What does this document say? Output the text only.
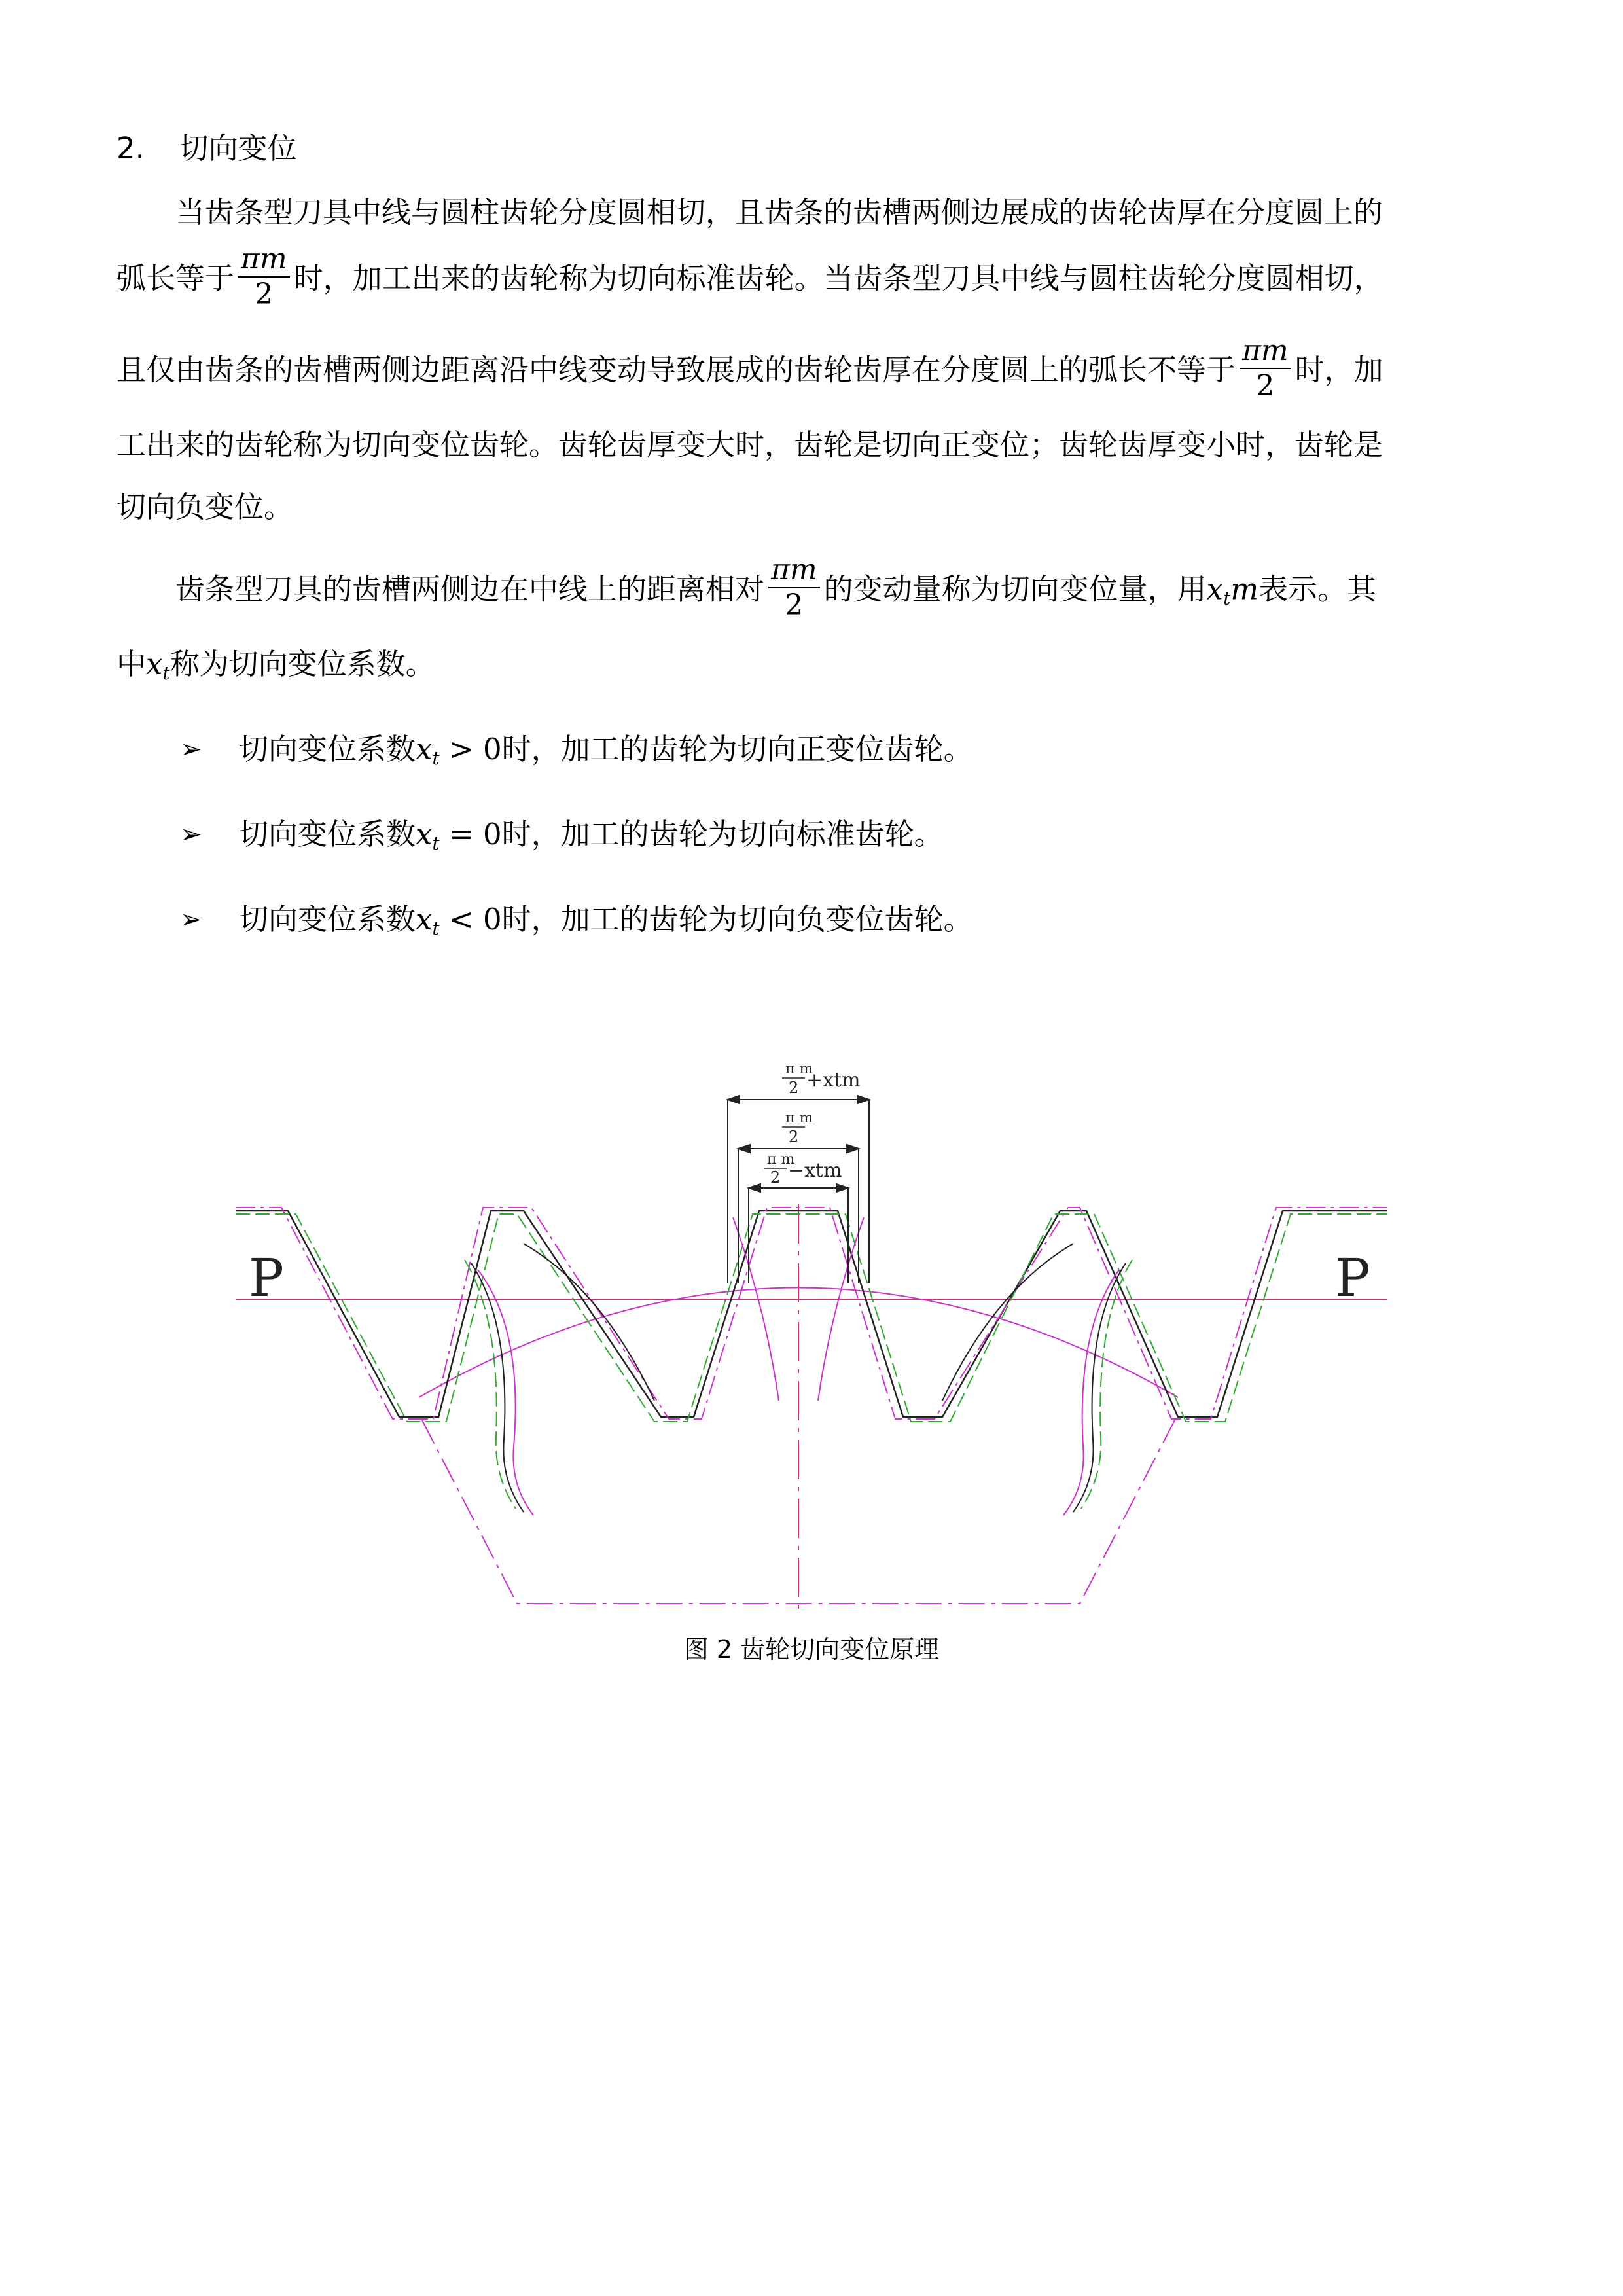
2. 切向变位
当齿条型刀具中线与圆柱齿轮分度圆相切，且齿条的齿槽两侧边展成的齿轮齿厚在分度圆上的
弧长等于 $\frac{\pi m}{2}$ 时，加工出来的齿轮称为切向标准齿轮。当齿条型刀具中线与圆柱齿轮分度圆相切，
且仅由齿条的齿槽两侧边距离沿中线变动导致展成的齿轮齿厚在分度圆上的弧长不等于 $\frac{\pi m}{2}$ 时，加
工出来的齿轮称为切向变位齿轮。齿轮齿厚变大时，齿轮是切向正变位；齿轮齿厚变小时，齿轮是
切向负变位。
齿条型刀具的齿槽两侧边在中线上的距离相对 $\frac{\pi m}{2}$ 的变动量称为切向变位量，用$x_tm$表示。其
中$x_t$称为切向变位系数。
➢ 切向变位系数$x_t > 0$时，加工的齿轮为切向正变位齿轮。
➢ 切向变位系数$x_t = 0$时，加工的齿轮为切向标准齿轮。
➢ 切向变位系数$x_t < 0$时，加工的齿轮为切向负变位齿轮。
π m
2 +xtm
π m
2
π m
2 −xtm
P	P
图 2 齿轮切向变位原理
